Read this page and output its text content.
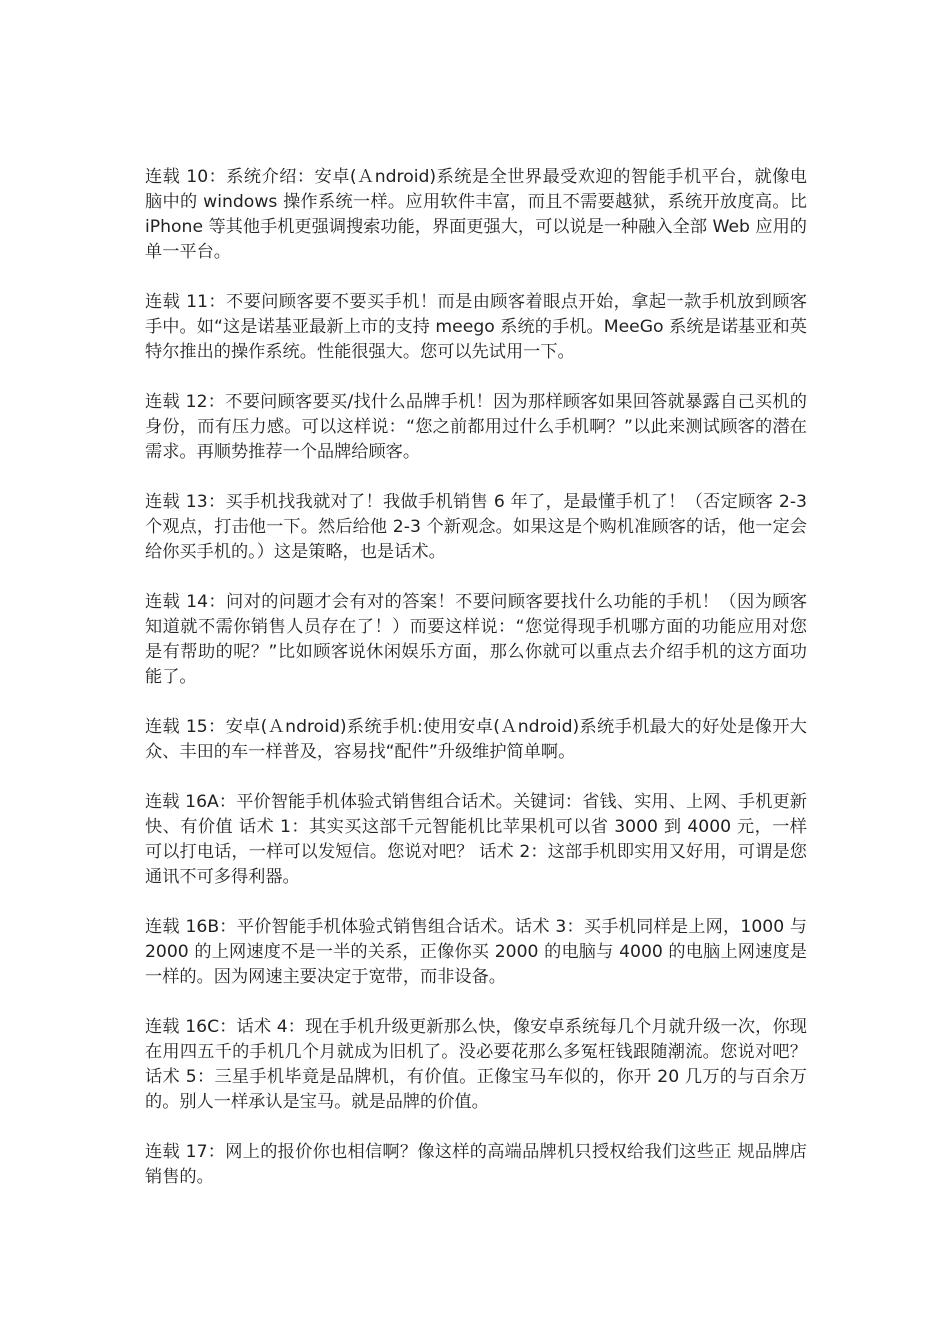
连载 10：系统介绍：安卓(Ａndroid)系统是全世界最受欢迎的智能手机平台，就像电脑中的 windows 操作系统一样。应用软件丰富，而且不需要越狱，系统开放度高。比 iPhone 等其他手机更强调搜索功能，界面更强大，可以说是一种融入全部 Web 应用的单一平台。

连载 11：不要问顾客要不要买手机！而是由顾客着眼点开始，拿起一款手机放到顾客手中。如“这是诺基亚最新上市的支持 meego 系统的手机。MeeGo 系统是诺基亚和英特尔推出的操作系统。性能很强大。您可以先试用一下。

连载 12：不要问顾客要买/找什么品牌手机！因为那样顾客如果回答就暴露自己买机的身份，而有压力感。可以这样说：“您之前都用过什么手机啊？”以此来测试顾客的潜在需求。再顺势推荐一个品牌给顾客。

连载 13：买手机找我就对了！我做手机销售 6 年了，是最懂手机了！（否定顾客 2-3 个观点，打击他一下。然后给他 2-3 个新观念。如果这是个购机准顾客的话，他一定会给你买手机的。）这是策略，也是话术。

连载 14：问对的问题才会有对的答案！不要问顾客要找什么功能的手机！（因为顾客知道就不需你销售人员存在了！）而要这样说：“您觉得现手机哪方面的功能应用对您是有帮助的呢？”比如顾客说休闲娱乐方面，那么你就可以重点去介绍手机的这方面功能了。

连载 15：安卓(Ａndroid)系统手机:使用安卓(Ａndroid)系统手机最大的好处是像开大众、丰田的车一样普及，容易找“配件”升级维护简单啊。

连载 16A：平价智能手机体验式销售组合话术。关键词：省钱、实用、上网、手机更新快、有价值 话术 1：其实买这部千元智能机比苹果机可以省 3000 到 4000 元，一样可以打电话，一样可以发短信。您说对吧？ 话术 2：这部手机即实用又好用，可谓是您通讯不可多得利器。

连载 16B：平价智能手机体验式销售组合话术。话术 3：买手机同样是上网，1000 与 2000 的上网速度不是一半的关系，正像你买 2000 的电脑与 4000 的电脑上网速度是一样的。因为网速主要决定于宽带，而非设备。

连载 16C：话术 4：现在手机升级更新那么快，像安卓系统每几个月就升级一次，你现在用四五千的手机几个月就成为旧机了。没必要花那么多冤枉钱跟随潮流。您说对吧？ 话术 5：三星手机毕竟是品牌机，有价值。正像宝马车似的，你开 20 几万的与百余万的。别人一样承认是宝马。就是品牌的价值。

连载 17：网上的报价你也相信啊？像这样的高端品牌机只授权给我们这些正 规品牌店销售的。
